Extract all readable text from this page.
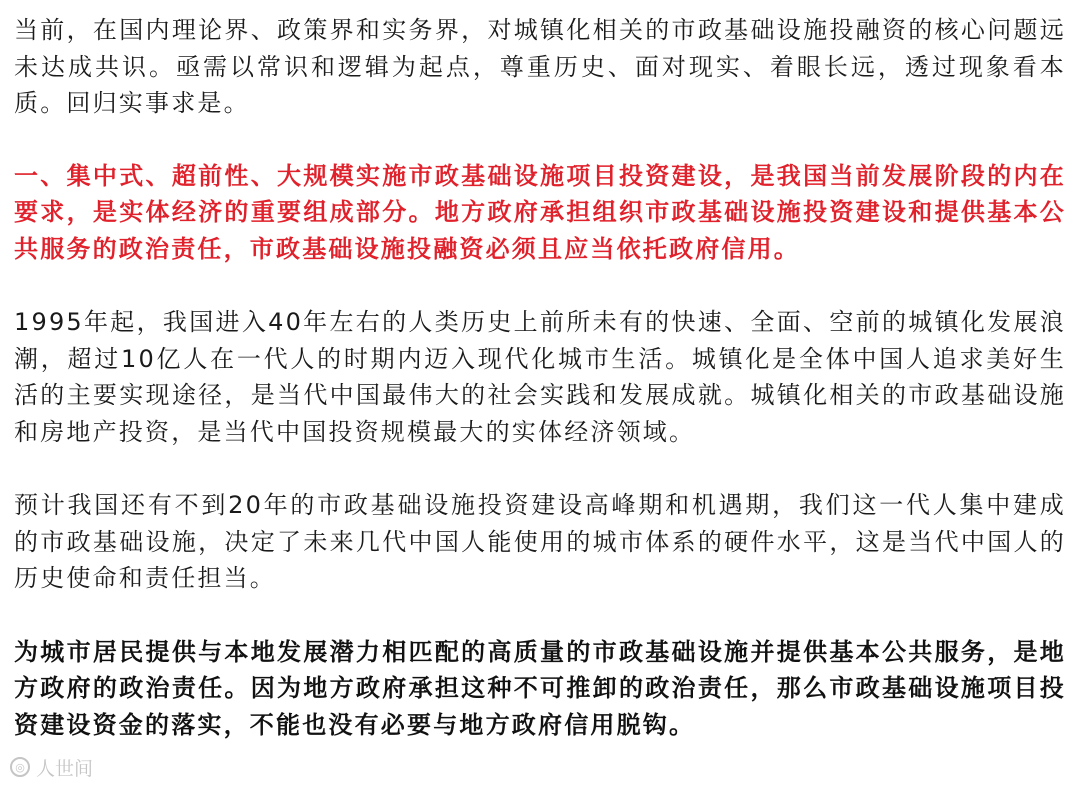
当前，在国内理论界、政策界和实务界，对城镇化相关的市政基础设施投融资的核心问题远未达成共识。亟需以常识和逻辑为起点，尊重历史、面对现实、着眼长远，透过现象看本质。回归实事求是。

一、集中式、超前性、大规模实施市政基础设施项目投资建设，是我国当前发展阶段的内在要求，是实体经济的重要组成部分。地方政府承担组织市政基础设施投资建设和提供基本公共服务的政治责任，市政基础设施投融资必须且应当依托政府信用。

1995年起，我国进入40年左右的人类历史上前所未有的快速、全面、空前的城镇化发展浪潮，超过10亿人在一代人的时期内迈入现代化城市生活。城镇化是全体中国人追求美好生活的主要实现途径，是当代中国最伟大的社会实践和发展成就。城镇化相关的市政基础设施和房地产投资，是当代中国投资规模最大的实体经济领域。

预计我国还有不到20年的市政基础设施投资建设高峰期和机遇期，我们这一代人集中建成的市政基础设施，决定了未来几代中国人能使用的城市体系的硬件水平，这是当代中国人的历史使命和责任担当。

为城市居民提供与本地发展潜力相匹配的高质量的市政基础设施并提供基本公共服务，是地方政府的政治责任。因为地方政府承担这种不可推卸的政治责任，那么市政基础设施项目投资建设资金的落实，不能也没有必要与地方政府信用脱钩。

◎ 人世间
